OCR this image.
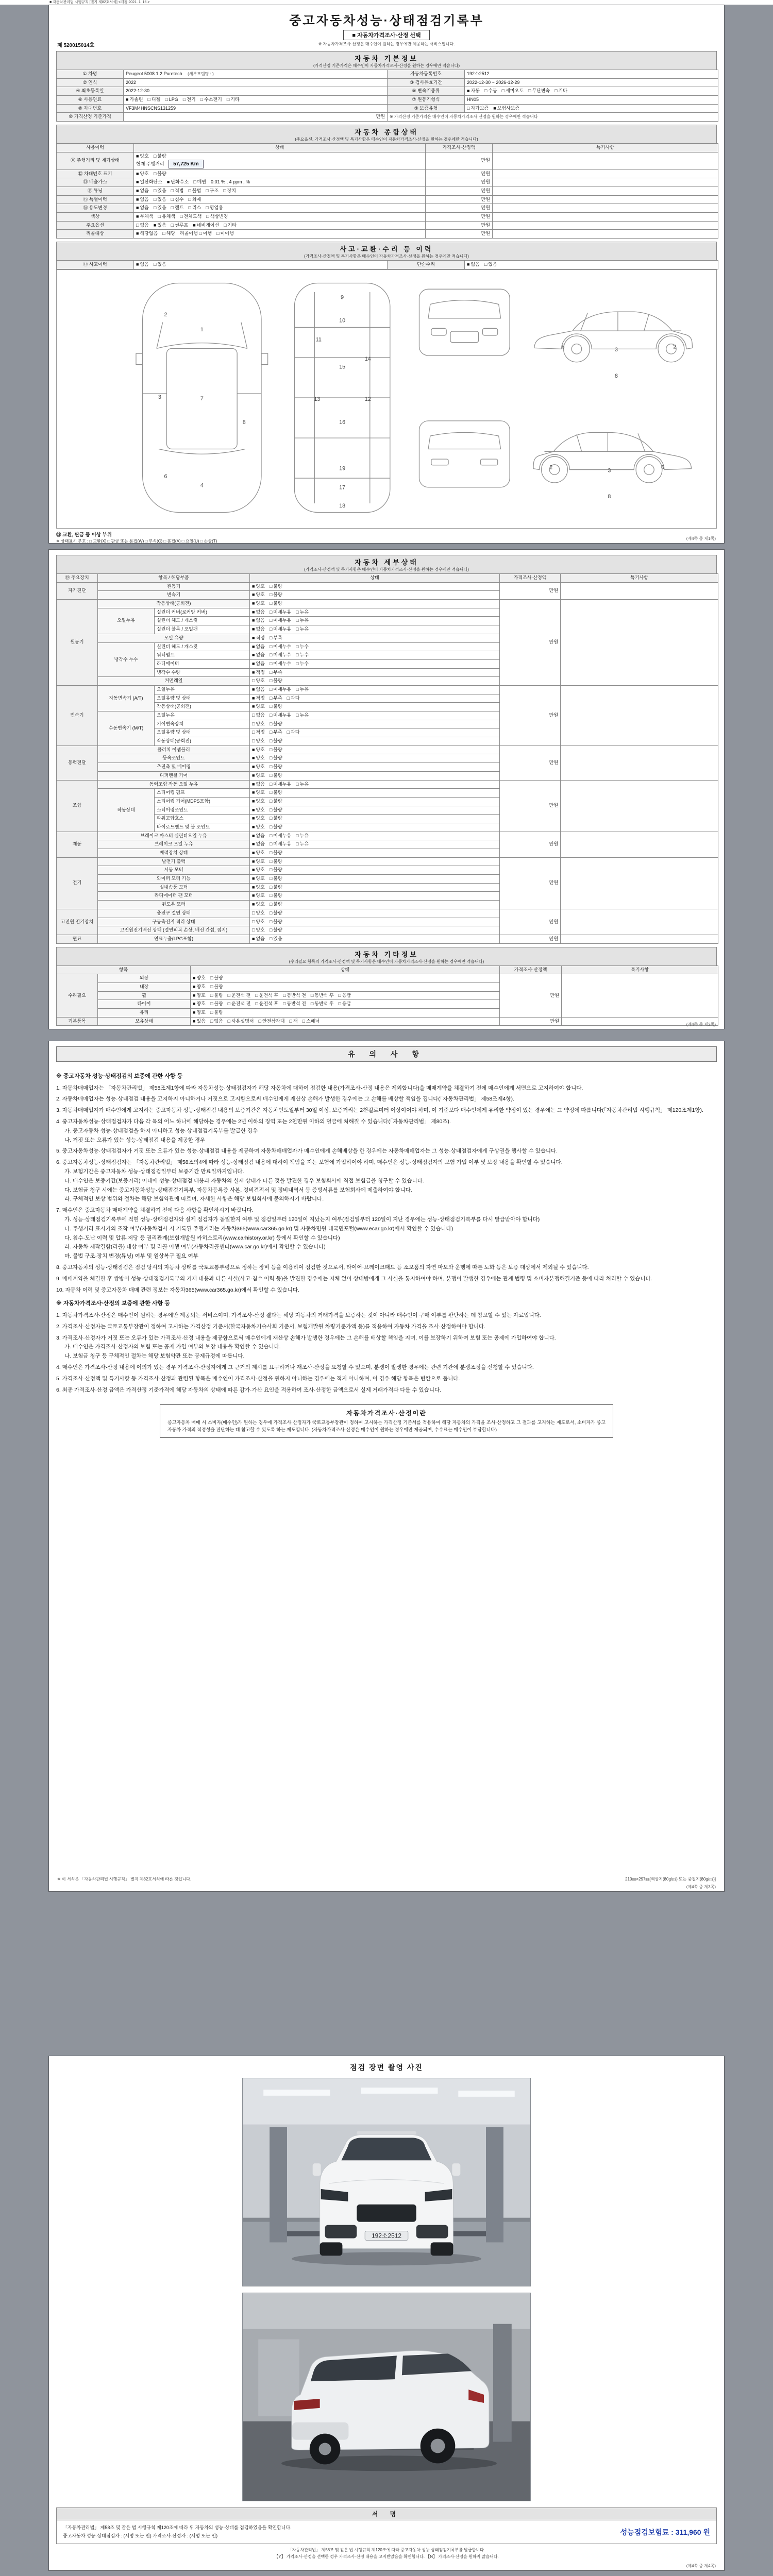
■ 자동차관리법 시행규칙 [별지 제82호서식] <개정 2021. 1. 16.>
중고자동차성능·상태점검기록부
■ 자동차가격조사·산정 선택
※ 자동차가격조사·산정은 매수인이 원하는 경우에만 제공하는 서비스입니다.
제 520015014호
자동차 기본정보
(가격산정 기준가격은 매수인이 자동차가격조사·산정을 원하는 경우에만 적습니다)
① 차명	Peugeot 5008 1.2 Puretech (세부모델명 : )	자동차등록번호	192소2512
② 연식	2022	③ 검사유효기간	2022-12-30 ~ 2026-12-29
④ 최초등록일	2022-12-30	⑤ 변속기종류	■ 자동 □ 수동 □ 세미오토 □ 무단변속 □ 기타
⑥ 사용연료	■ 가솔린 □ 디젤 □ LPG □ 전기 □ 수소전기 □ 기타	⑦ 원동기형식	HN05
⑧ 차대번호	VF3M4HNSCNS131259	⑨ 보증유형	□ 자가보증 ■ 보험사보증
⑩ 가격산정 기준가격	만원	※ 가격산정 기준가격은 매수인이 자동차가격조사·산정을 원하는 경우에만 적습니다	
자동차 종합상태
(주요옵션, 가격조사·산정액 및 특기사항은 매수인이 자동차가격조사·산정을 원하는 경우에만 적습니다)
사용이력	상태	가격조사·산정액	특기사항
⑪ 주행거리 및 계기상태	■ 양호 □ 불량
현재 주행거리 57,725 Km	만원	
⑫ 차대번호 표기	■ 양호 □ 불량	만원	
⑬ 배출가스	■ 일산화탄소 ■ 탄화수소 □ 매연 0.01 % , 4 ppm , %	만원	
⑭ 튜닝	■ 없음 □ 있음 □ 적법 □ 불법 □ 구조 □ 장치	만원	
⑮ 특별이력	■ 없음 □ 있음 □ 침수 □ 화재	만원	
⑯ 용도변경	■ 없음 □ 있음 □ 렌트 □ 리스 □ 영업용	만원	
색상	■ 무채색 □ 유채색 □ 전체도색 □ 색상변경	만원	
주요옵션	□ 없음 ■ 있음 □ 썬루프 ■ 네비게이션 □ 기타	만원	
리콜대상	■ 해당없음 □ 해당 리콜이행 □ 이행 □ 미이행	만원	
사고·교환·수리 등 이력
(가격조사·산정액 및 특기사항은 매수인이 자동차가격조사·산정을 원하는 경우에만 적습니다)
⑰ 사고이력	■ 없음 □ 있음	단순수리	■ 없음 □ 있음
1
7
4
2
3
6
8
9
10
11
15
13	12
16
14
19
17
18
2
3
6
8
2	3	6
8
⑱ 교환, 판금 등 이상 부위
※ 상태표시 부호 : □ 교환(X) □ 판금 또는 용접(W) □ 부식(C) □ 흠집(A) □ 요철(U) □ 손상(T)

(제4쪽 중 제1쪽)
자동차 세부상태
(가격조사·산정액 및 특기사항은 매수인이 자동차가격조사·산정을 원하는 경우에만 적습니다)
⑲ 주요장치	항목 / 해당부품		상태	가격조사·산정액	특기사항
자기진단	원동기		■ 양호 □ 불량	만원	
	변속기		■ 양호 □ 불량		
원동기	작동상태(공회전)		■ 양호 □ 불량	만원	
	오일누유	실린더 커버(로커암 커버)	■ 없음 □ 미세누유 □ 누유		
		실린더 헤드 / 개스킷	■ 없음 □ 미세누유 □ 누유		
		실린더 블록 / 오일팬	■ 없음 □ 미세누유 □ 누유		
	오일 유량		■ 적정 □ 부족		
	냉각수 누수	실린더 헤드 / 개스킷	■ 없음 □ 미세누수 □ 누수		
		워터펌프	■ 없음 □ 미세누수 □ 누수		
		라디에이터	■ 없음 □ 미세누수 □ 누수		
		냉각수 수량	■ 적정 □ 부족		
	커먼레일		□ 양호 □ 불량		
변속기	자동변속기 (A/T)	오일누유	■ 없음 □ 미세누유 □ 누유	만원	
		오일유량 및 상태	■ 적정 □ 부족 □ 과다		
		작동상태(공회전)	■ 양호 □ 불량		
	수동변속기 (M/T)	오일누유	□ 없음 □ 미세누유 □ 누유		
		기어변속장치	□ 양호 □ 불량		
		오일유량 및 상태	□ 적정 □ 부족 □ 과다		
		작동상태(공회전)	□ 양호 □ 불량		
동력전달	클러치 어셈블리		■ 양호 □ 불량	만원	
	등속조인트		■ 양호 □ 불량		
	추진축 및 베어링		■ 양호 □ 불량		
	디퍼렌셜 기어		■ 양호 □ 불량		
조향	동력조향 작동 오일 누유		■ 없음 □ 미세누유 □ 누유	만원	
	작동상태	스티어링 펌프	■ 양호 □ 불량		
		스티어링 기어(MDPS포함)	■ 양호 □ 불량		
		스티어링조인트	■ 양호 □ 불량		
		파워고압호스	■ 양호 □ 불량		
		타이로드엔드 및 볼 조인트	■ 양호 □ 불량		
제동	브레이크 마스터 실린더오일 누유		■ 없음 □ 미세누유 □ 누유	만원	
	브레이크 오일 누유		■ 없음 □ 미세누유 □ 누유		
	배력장치 상태		■ 양호 □ 불량		
전기	발전기 출력		■ 양호 □ 불량	만원	
	시동 모터		■ 양호 □ 불량		
	와이퍼 모터 기능		■ 양호 □ 불량		
	실내송풍 모터		■ 양호 □ 불량		
	라디에이터 팬 모터		■ 양호 □ 불량		
	윈도우 모터		■ 양호 □ 불량		
고전원 전기장치	충전구 절연 상태		□ 양호 □ 불량	만원	
	구동축전지 격리 상태		□ 양호 □ 불량		
	고전원전기배선 상태 (절연피복 손상, 배선 간섭, 접지)		□ 양호 □ 불량		
연료	연료누출(LPG포함)		■ 없음 □ 있음	만원	
자동차 기타정보
(수리필요 항목의 가격조사·산정액 및 특기사항은 매수인이 자동차가격조사·산정을 원하는 경우에만 적습니다)
항목		상태	가격조사·산정액	특기사항
수리필요	외장	■ 양호 □ 불량	만원	
	내장	■ 양호 □ 불량		
	휠	■ 양호 □ 불량 □ 운전석 전 □ 운전석 후 □ 동반석 전 □ 동반석 후 □ 응급		
	타이어	■ 양호 □ 불량 □ 운전석 전 □ 운전석 후 □ 동반석 전 □ 동반석 후 □ 응급		
	유리	■ 양호 □ 불량		
기본품목	보유상태	■ 있음 □ 없음 □ 사용설명서 □ 안전삼각대 □ 잭 □ 스패너	만원	

(제4쪽 중 제2쪽)
유 의 사 항
※ 중고자동차 성능·상태점검의 보증에 관한 사항 등
1. 자동차매매업자는 「자동차관리법」 제58조제1항에 따라 자동차성능·상태점검자가 해당 자동차에 대하여 점검한 내용(가격조사·산정 내용은 제외합니다)을 매매계약을 체결하기 전에 매수인에게 서면으로 고지하여야 합니다.
2. 자동차매매업자는 성능·상태점검 내용을 고지하지 아니하거나 거짓으로 고지함으로써 매수인에게 재산상 손해가 발생한 경우에는 그 손해를 배상할 책임을 집니다(「자동차관리법」 제58조제4항).
3. 자동차매매업자가 매수인에게 고지하는 중고자동차 성능·상태점검 내용의 보증기간은 자동차인도일부터 30일 이상, 보증거리는 2천킬로미터 이상이어야 하며, 이 기준보다 매수인에게 유리한 약정이 있는 경우에는 그 약정에 따릅니다(「자동차관리법 시행규칙」 제120조제1항).
4. 중고자동차성능·상태점검자가 다음 각 목의 어느 하나에 해당하는 경우에는 2년 이하의 징역 또는 2천만원 이하의 벌금에 처해질 수 있습니다(「자동차관리법」 제80조).
가. 중고자동차 성능·상태점검을 하지 아니하고 성능·상태점검기록부를 발급한 경우
나. 거짓 또는 오류가 있는 성능·상태점검 내용을 제공한 경우
5. 중고자동차성능·상태점검자가 거짓 또는 오류가 있는 성능·상태점검 내용을 제공하여 자동차매매업자가 매수인에게 손해배상을 한 경우에는 자동차매매업자는 그 성능·상태점검자에게 구상권을 행사할 수 있습니다.
6. 중고자동차성능·상태점검자는 「자동차관리법」 제58조의4에 따라 성능·상태점검 내용에 대하여 책임을 지는 보험에 가입하여야 하며, 매수인은 성능·상태점검자의 보험 가입 여부 및 보장 내용을 확인할 수 있습니다.
가. 보험기간은 중고자동차 성능·상태점검일부터 보증기간 만료일까지입니다.
나. 매수인은 보증기간(보증거리) 이내에 성능·상태점검 내용과 자동차의 실제 상태가 다른 것을 발견한 경우 보험회사에 직접 보험금을 청구할 수 있습니다.
다. 보험금 청구 시에는 중고자동차성능·상태점검기록부, 자동차등록증 사본, 정비견적서 및 정비내역서 등 증빙서류를 보험회사에 제출하여야 합니다.
라. 구체적인 보상 범위와 절차는 해당 보험약관에 따르며, 자세한 사항은 해당 보험회사에 문의하시기 바랍니다.
7. 매수인은 중고자동차 매매계약을 체결하기 전에 다음 사항을 확인하시기 바랍니다.
가. 성능·상태점검기록부에 적힌 성능·상태점검자와 실제 점검자가 동일한지 여부 및 점검일부터 120일이 지났는지 여부(점검일부터 120일이 지난 경우에는 성능·상태점검기록부를 다시 발급받아야 합니다)
나. 주행거리 표시기의 조작 여부(자동차검사 시 기록된 주행거리는 자동차365(www.car365.go.kr) 및 자동차민원 대국민포털(www.ecar.go.kr)에서 확인할 수 있습니다)
다. 침수·도난 이력 및 압류·저당 등 권리관계(보험개발원 카히스토리(www.carhistory.or.kr) 등에서 확인할 수 있습니다)
라. 자동차 제작결함(리콜) 대상 여부 및 리콜 이행 여부(자동차리콜센터(www.car.go.kr)에서 확인할 수 있습니다)
마. 불법 구조·장치 변경(튜닝) 여부 및 원상복구 필요 여부
8. 중고자동차의 성능·상태점검은 점검 당시의 자동차 상태를 국토교통부령으로 정하는 장비 등을 이용하여 점검한 것으로서, 타이어·브레이크패드 등 소모품의 자연 마모와 운행에 따른 노화 등은 보증 대상에서 제외될 수 있습니다.
9. 매매계약을 체결한 후 쌍방이 성능·상태점검기록부의 기재 내용과 다른 사실(사고·침수 이력 등)을 발견한 경우에는 지체 없이 상대방에게 그 사실을 통지하여야 하며, 분쟁이 발생한 경우에는 관계 법령 및 소비자분쟁해결기준 등에 따라 처리할 수 있습니다.
10. 자동차 이력 및 중고자동차 매매 관련 정보는 자동차365(www.car365.go.kr)에서 확인할 수 있습니다.
※ 자동차가격조사·산정의 보증에 관한 사항 등
1. 자동차가격조사·산정은 매수인이 원하는 경우에만 제공되는 서비스이며, 가격조사·산정 결과는 해당 자동차의 거래가격을 보증하는 것이 아니라 매수인이 구매 여부를 판단하는 데 참고할 수 있는 자료입니다.
2. 가격조사·산정자는 국토교통부장관이 정하여 고시하는 가격산정 기준서(한국자동차기술사회 기준서, 보험개발원 차량기준가액 등)를 적용하여 자동차 가격을 조사·산정하여야 합니다.
3. 가격조사·산정자가 거짓 또는 오류가 있는 가격조사·산정 내용을 제공함으로써 매수인에게 재산상 손해가 발생한 경우에는 그 손해를 배상할 책임을 지며, 이를 보장하기 위하여 보험 또는 공제에 가입하여야 합니다.
가. 매수인은 가격조사·산정자의 보험 또는 공제 가입 여부와 보장 내용을 확인할 수 있습니다.
나. 보험금 청구 등 구체적인 절차는 해당 보험약관 또는 공제규정에 따릅니다.
4. 매수인은 가격조사·산정 내용에 이의가 있는 경우 가격조사·산정자에게 그 근거의 제시를 요구하거나 재조사·산정을 요청할 수 있으며, 분쟁이 발생한 경우에는 관련 기관에 분쟁조정을 신청할 수 있습니다.
5. 가격조사·산정액 및 특기사항 등 가격조사·산정과 관련된 항목은 매수인이 가격조사·산정을 원하지 아니하는 경우에는 적지 아니하며, 이 경우 해당 항목은 빈칸으로 둡니다.
6. 최종 가격조사·산정 금액은 가격산정 기준가격에 해당 자동차의 상태에 따른 감가·가산 요인을 적용하여 조사·산정한 금액으로서 실제 거래가격과 다를 수 있습니다.
자동차가격조사·산정이란
중고자동차 매매 시 소비자(매수인)가 원하는 경우에 가격조사·산정자가 국토교통부장관이 정하여 고시하는 가격산정 기준서를 적용하여 해당 자동차의 가격을 조사·산정하고 그 결과를 고지하는 제도로서, 소비자가 중고자동차 가격의 적정성을 판단하는 데 참고할 수 있도록 하는 제도입니다. (자동차가격조사·산정은 매수인이 원하는 경우에만 제공되며, 수수료는 매수인이 부담합니다)
※ 이 서식은 「자동차관리법 시행규칙」 별지 제82호서식에 따른 것입니다.	210㎜×297㎜[백상지(80g/㎡) 또는 중질지(80g/㎡)]
(제4쪽 중 제3쪽)
점검 장면 촬영 사진
192소2512
서 명
「자동차관리법」 제58조 및 같은 법 시행규칙 제120조에 따라 위 자동차의 성능·상태를 점검하였음을 확인합니다.
중고자동차 성능·상태점검자 : (서명 또는 인) 가격조사·산정자 : (서명 또는 인)	성능점검보험료 : 311,960 원
「자동차관리법」 제58조 및 같은 법 시행규칙 제120조에 따라 중고자동차 성능·상태점검기록부를 발급합니다.
【Y】 가격조사·산정을 선택한 경우 가격조사·산정 내용을 고지받았음을 확인합니다. 【N】 가격조사·산정을 원하지 않습니다.
(제4쪽 중 제4쪽)
